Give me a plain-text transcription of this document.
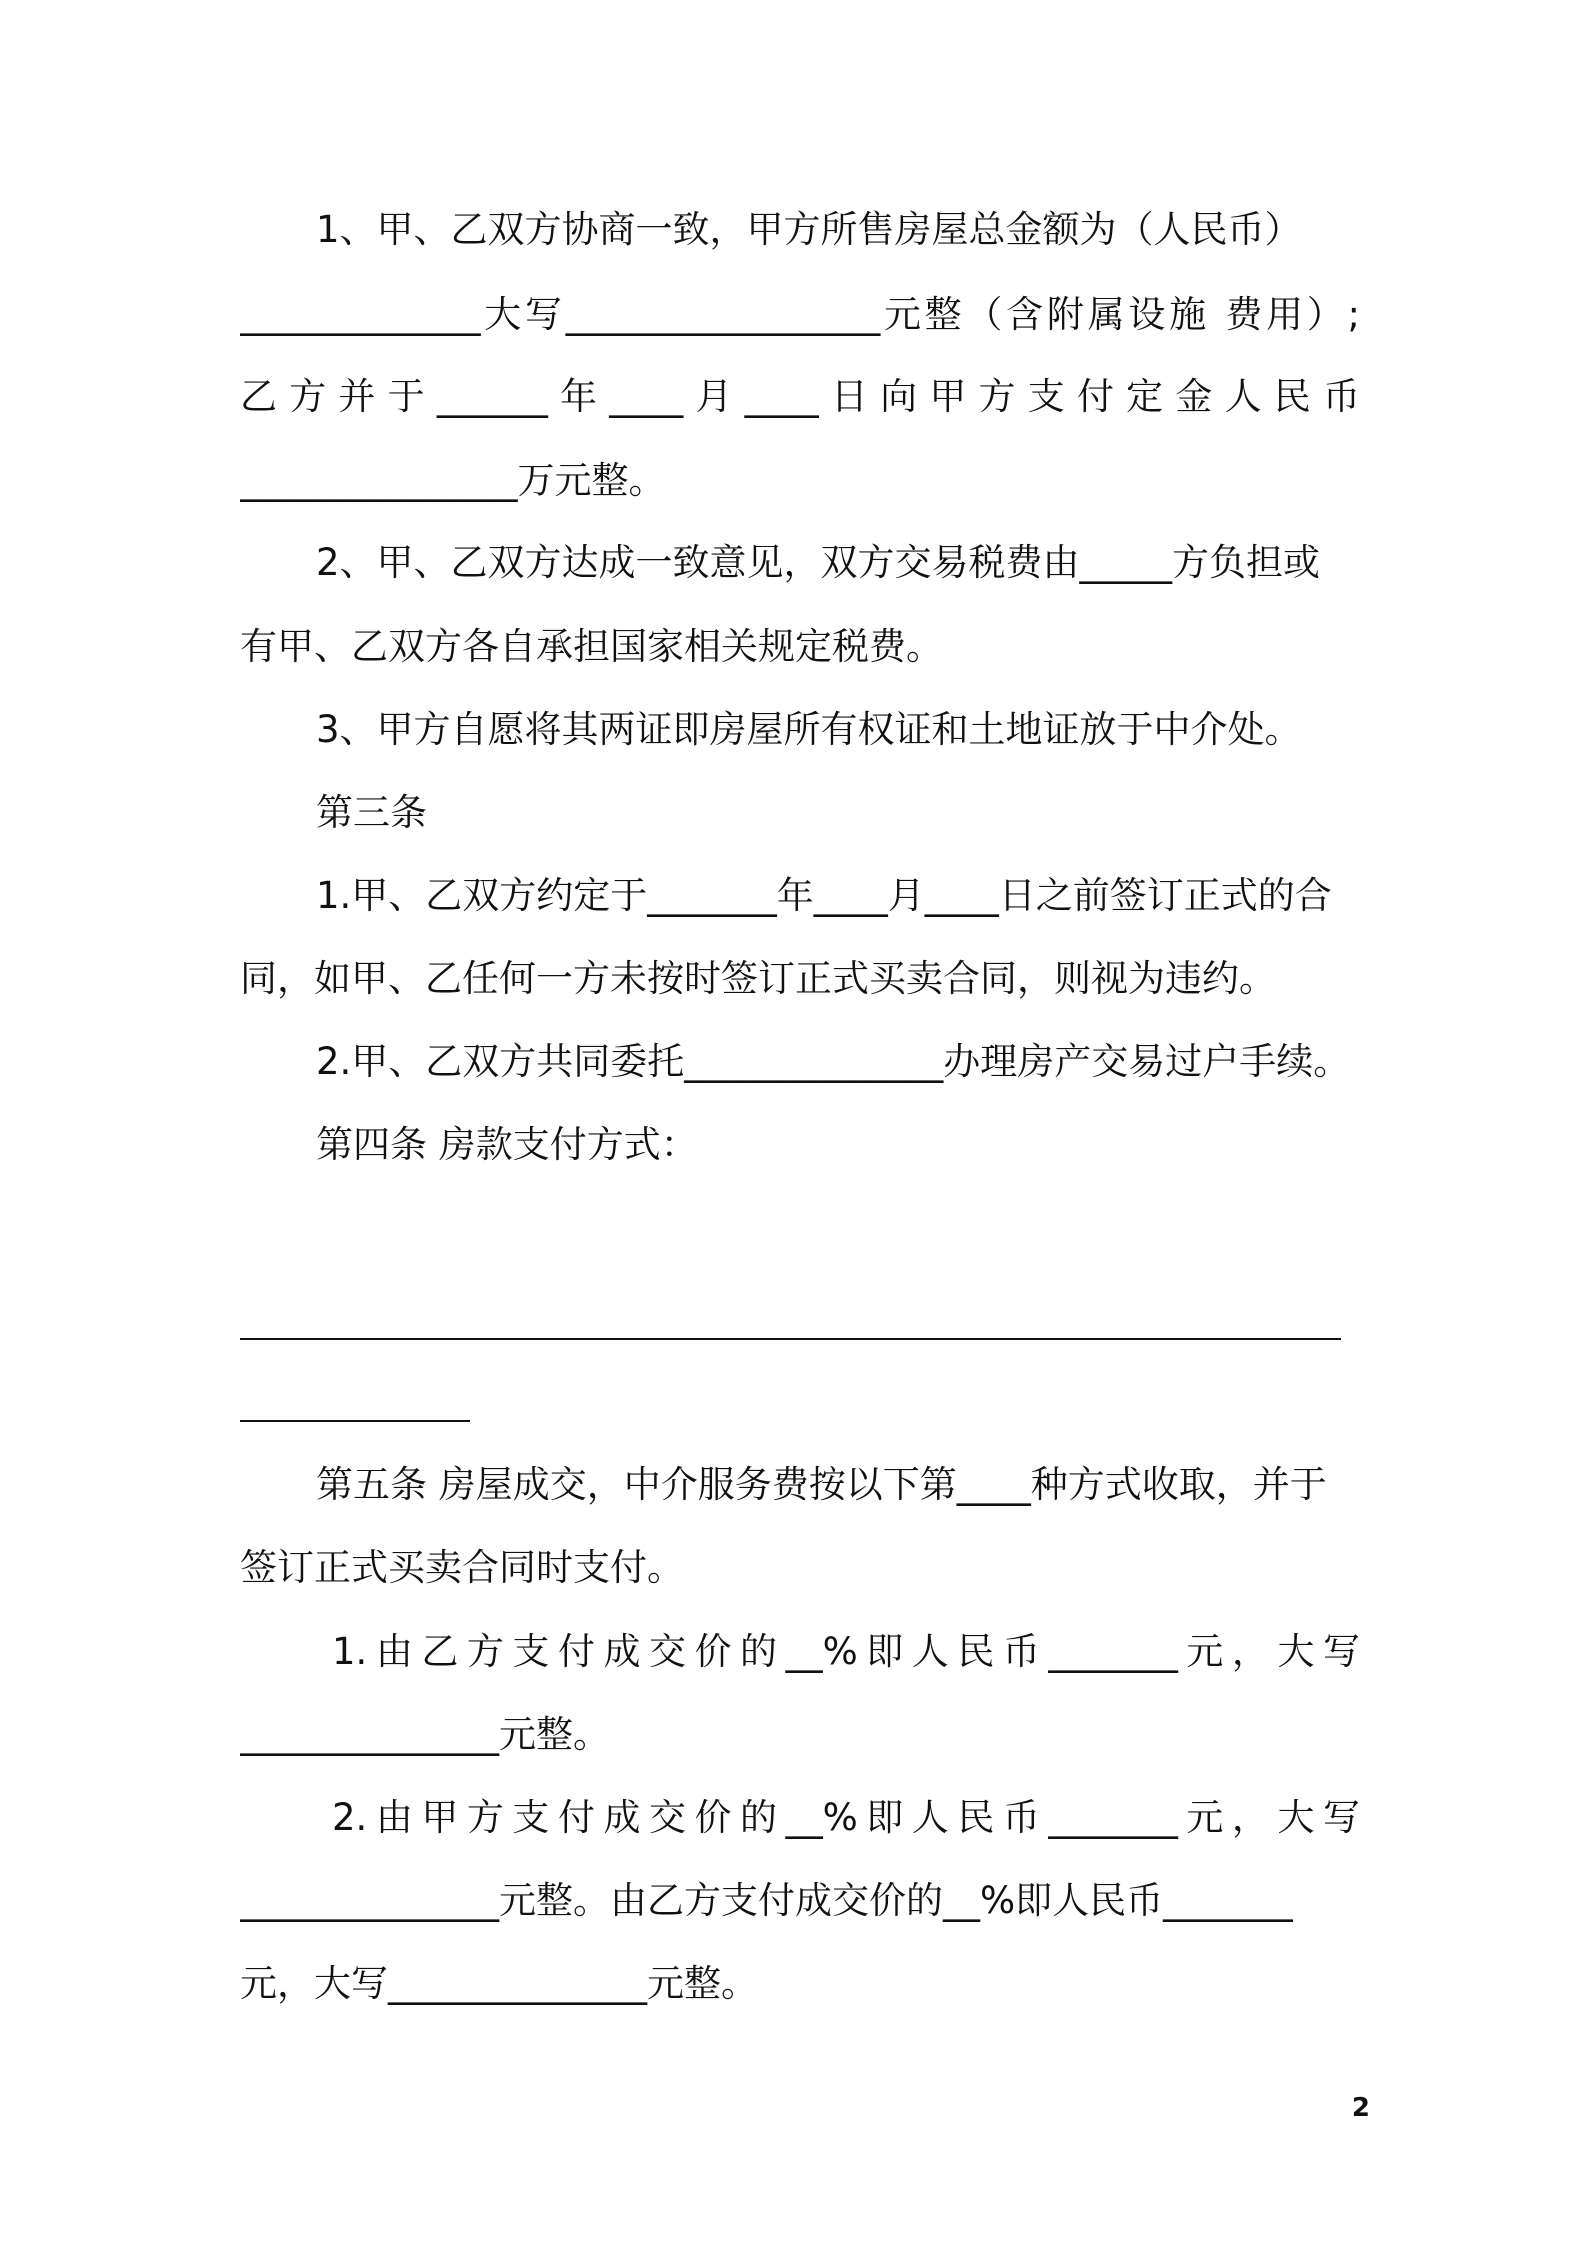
1、甲、乙双方协商一致，甲方所售房屋总金额为（人民币）
_____________大写_________________元整（含附属设施 费用）;
乙方并于______年____月____日向甲方支付定金人民币
_______________万元整。
2、甲、乙双方达成一致意见，双方交易税费由_____方负担或
有甲、乙双方各自承担国家相关规定税费。
3、甲方自愿将其两证即房屋所有权证和土地证放于中介处。
第三条
1.甲、乙双方约定于_______年____月____日之前签订正式的合
同，如甲、乙任何一方未按时签订正式买卖合同，则视为违约。
2.甲、乙双方共同委托______________办理房产交易过户手续。
第四条 房款支付方式：
第五条 房屋成交，中介服务费按以下第____种方式收取，并于
签订正式买卖合同时支付。
1.由乙方支付成交价的__%即人民币_______元，大写
______________元整。
2.由甲方支付成交价的__%即人民币_______元，大写
______________元整。由乙方支付成交价的__%即人民币_______
元，大写______________元整。
2
